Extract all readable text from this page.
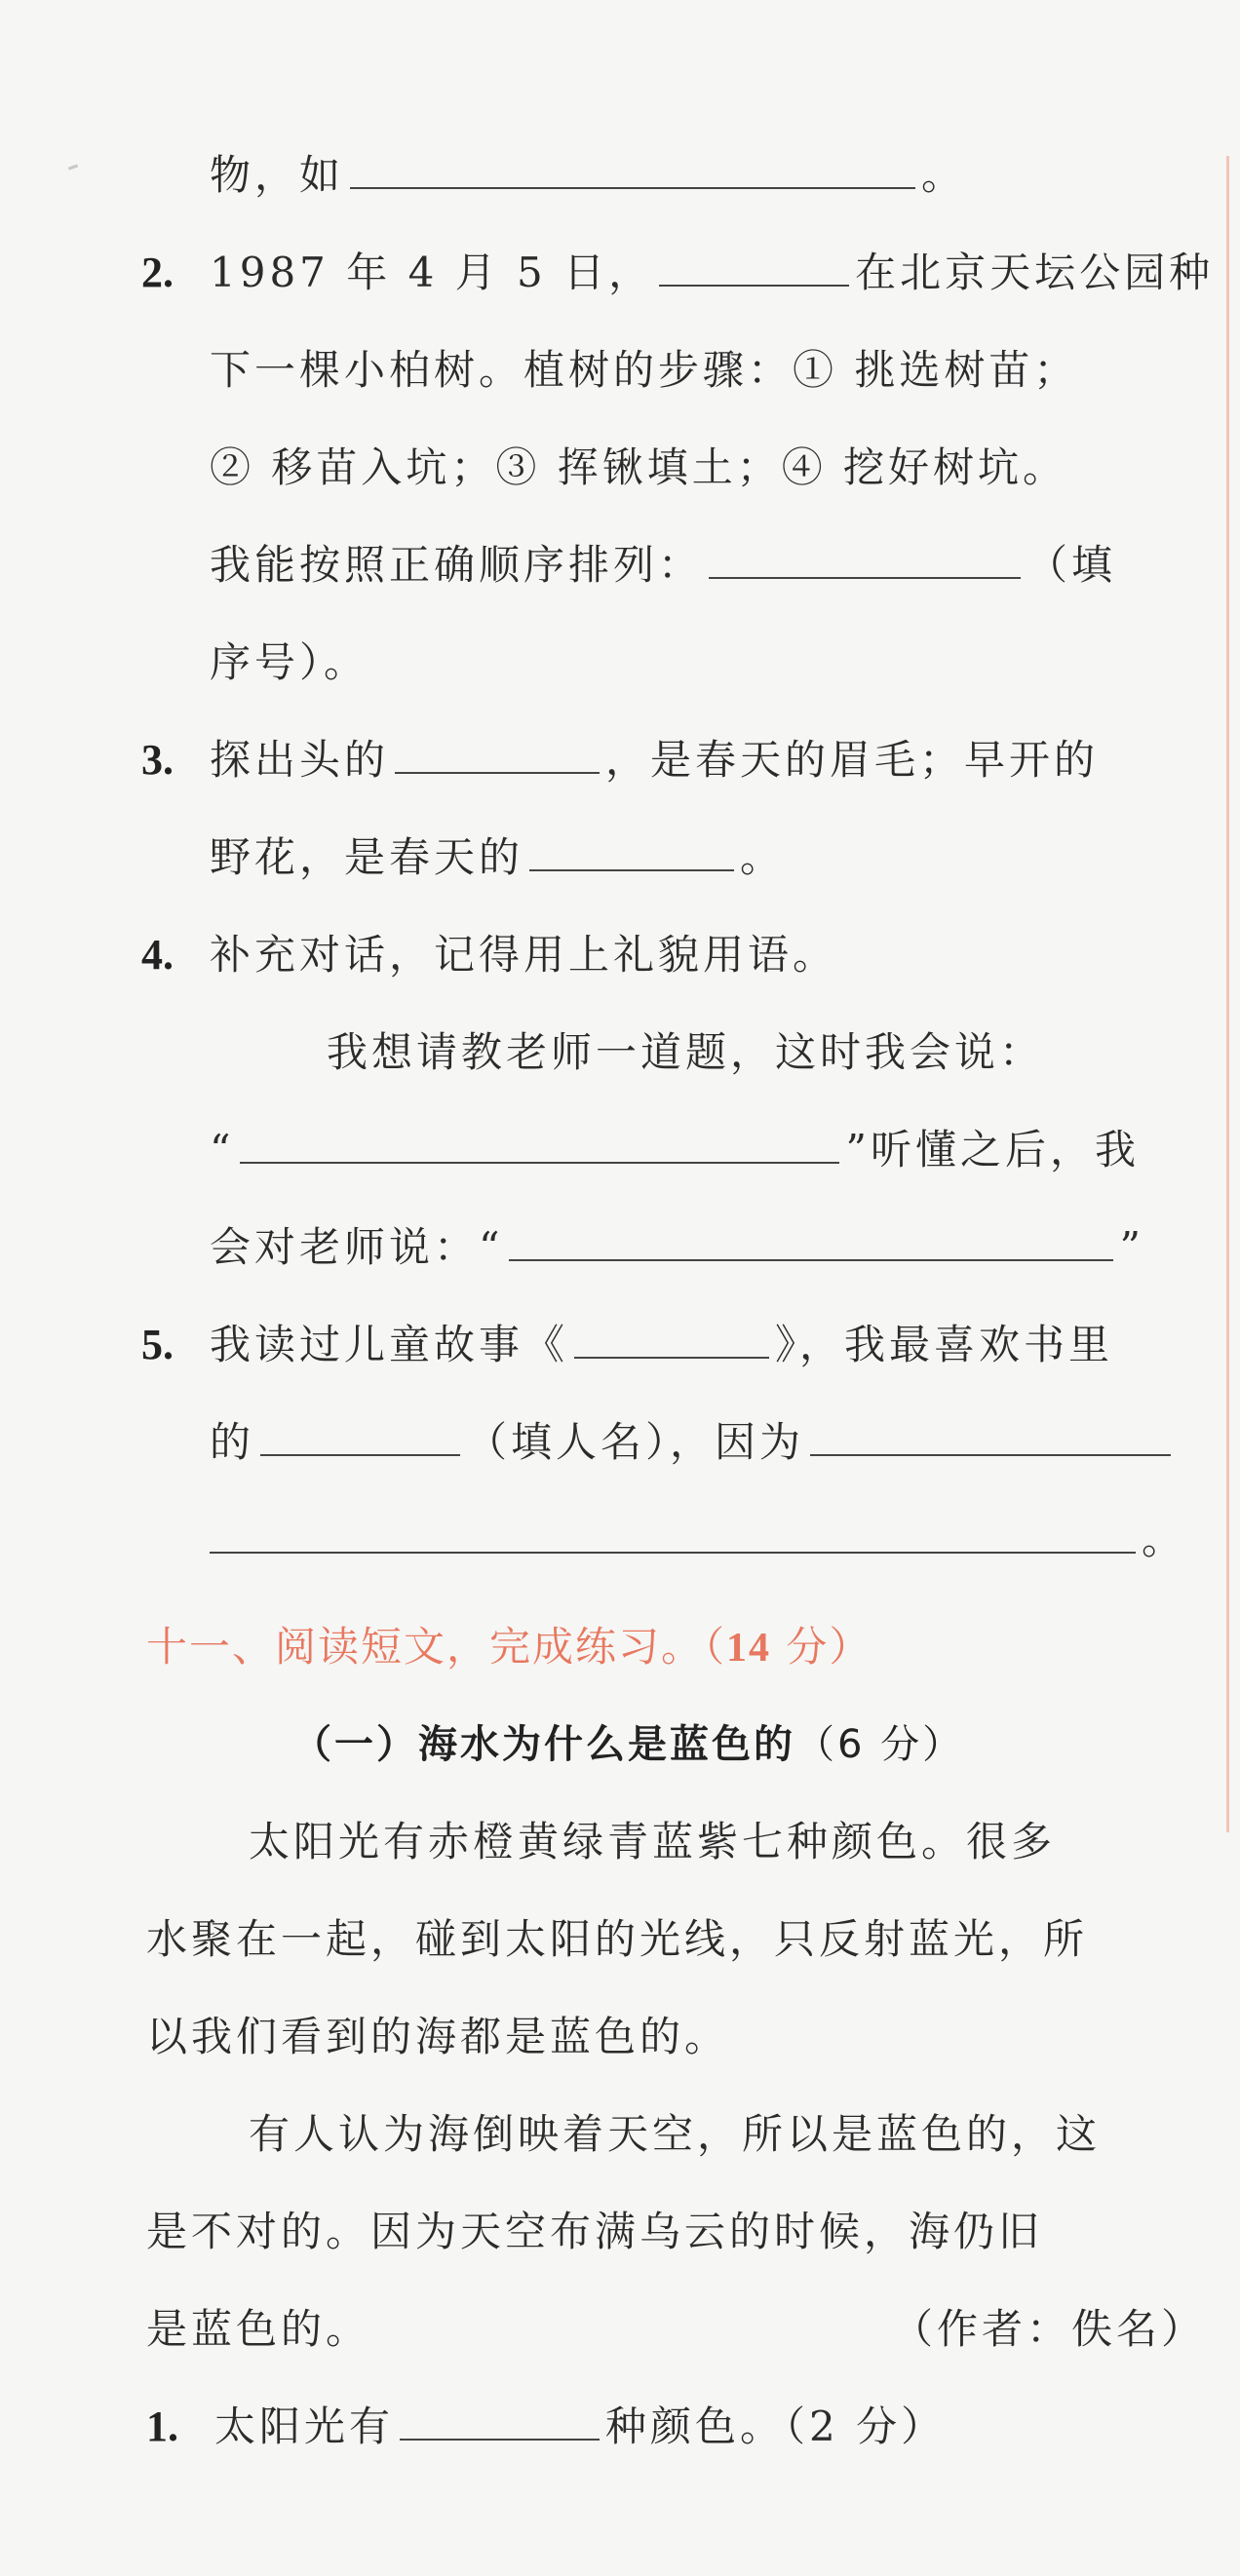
物，如	。
2. 1987 年 4 月 5 日，	在北京天坛公园种
下一棵小柏树。植树的步骤：① 挑选树苗；
② 移苗入坑；③ 挥锹填土；④ 挖好树坑。
我能按照正确顺序排列：	（填
序号）。
3. 探出头的	，是春天的眉毛；早开的
野花，是春天的	。
4. 补充对话，记得用上礼貌用语。
我想请教老师一道题，这时我会说：
“	”听懂之后，我
会对老师说：“	”
5. 我读过儿童故事《	》，我最喜欢书里
的	（填人名），因为
。
十一、阅读短文，完成练习。（14 分）
（一）海水为什么是蓝色的（6 分）
太阳光有赤橙黄绿青蓝紫七种颜色。很多
水聚在一起，碰到太阳的光线，只反射蓝光，所
以我们看到的海都是蓝色的。
有人认为海倒映着天空，所以是蓝色的，这
是不对的。因为天空布满乌云的时候，海仍旧
是蓝色的。	（作者：佚名）
1. 太阳光有	种颜色。（2 分）
